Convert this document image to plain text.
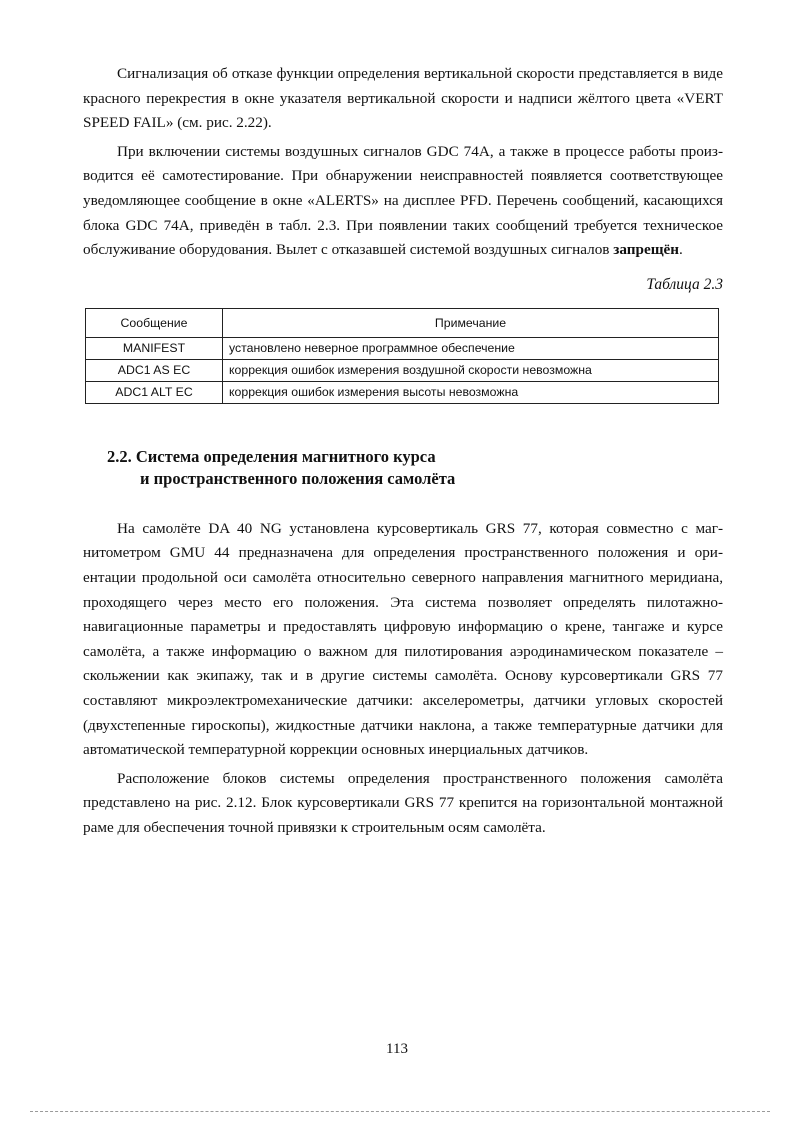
Сигнализация об отказе функции определения вертикальной скорости представляется в виде красного перекрестия в окне указателя вертикальной скорости и надписи жёлтого цвета «VERT SPEED FAIL» (см. рис. 2.22).

При включении системы воздушных сигналов GDC 74A, а также в процессе работы производится её самотестирование. При обнаружении неисправностей появляется соответствующее уведомляющее сообщение в окне «ALERTS» на дисплее PFD. Перечень сообщений, касающихся блока GDC 74A, приведён в табл. 2.3. При появлении таких сообщений требуется техническое обслуживание оборудования. Вылет с отказавшей системой воздушных сигналов запрещён.

Таблица 2.3
Сообщение	Примечание
MANIFEST	установлено неверное программное обеспечение
ADC1 AS EC	коррекция ошибок измерения воздушной скорости невозможна
ADC1 ALT EC	коррекция ошибок измерения высоты невозможна
2.2. Система определения магнитного курса
и пространственного положения самолёта

На самолёте DA 40 NG установлена курсовертикаль GRS 77, которая совместно с магнитометром GMU 44 предназначена для определения пространственного положения и ориентации продольной оси самолёта относительно северного направления магнитного меридиана, проходящего через место его положения. Эта система позволяет определять пилотажно-навигационные параметры и предоставлять цифровую информацию о крене, тангаже и курсе самолёта, а также информацию о важном для пилотирования аэродинамическом показателе – скольжении как экипажу, так и в другие системы самолёта. Основу курсовертикали GRS 77 составляют микроэлектромеханические датчики: акселерометры, датчики угловых скоростей (двухстепенные гироскопы), жидкостные датчики наклона, а также температурные датчики для автоматической температурной коррекции основных инерциальных датчиков.

Расположение блоков системы определения пространственного положения самолёта представлено на рис. 2.12. Блок курсовертикали GRS 77 крепится на горизонтальной монтажной раме для обеспечения точной привязки к строительным осям самолёта.

113
